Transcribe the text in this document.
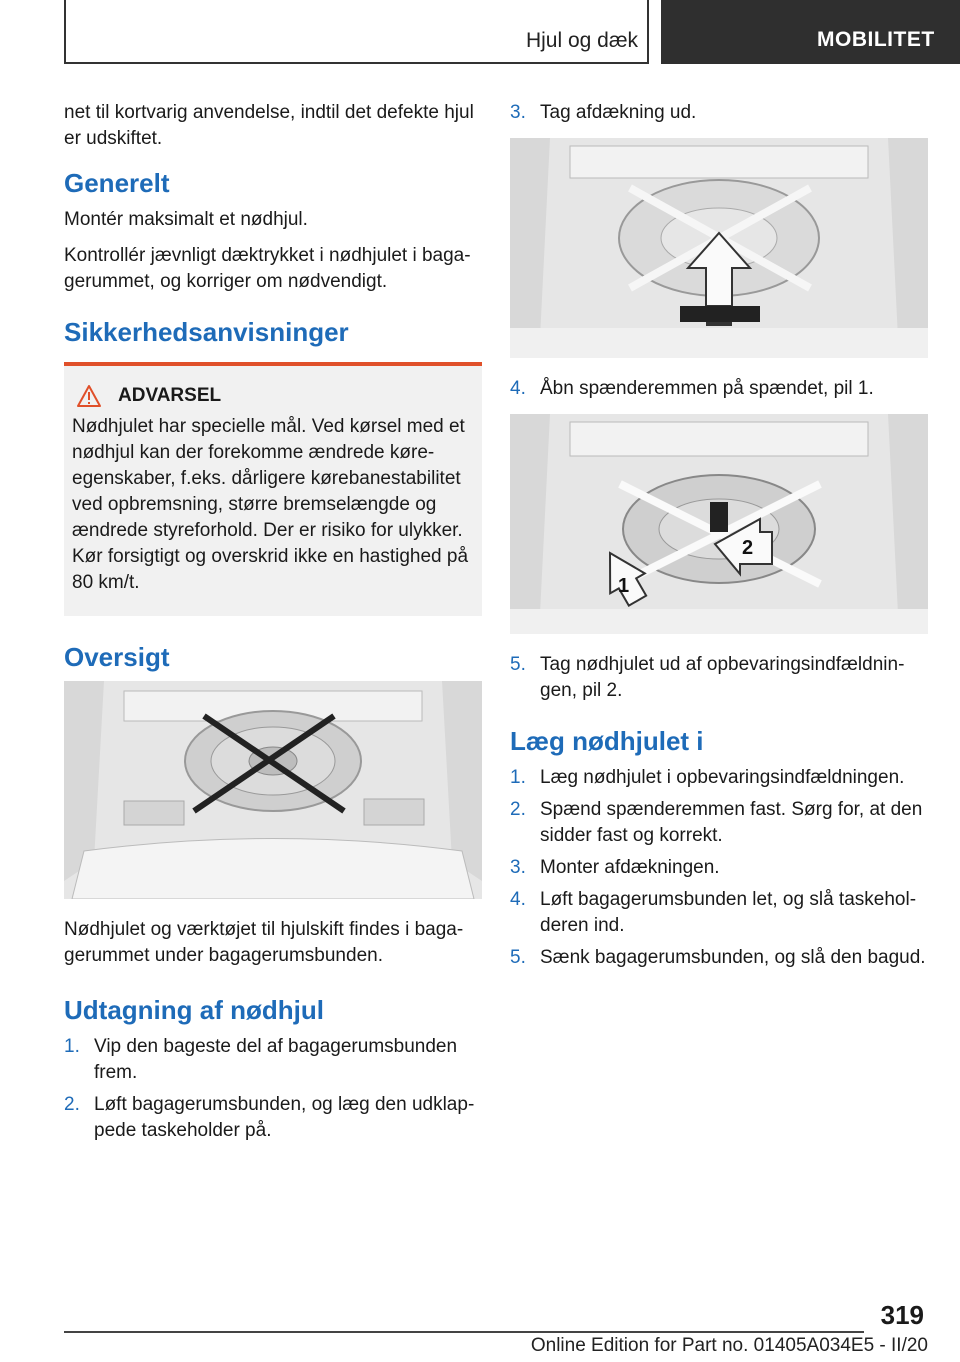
Hjul og dæk	MOBILITET

net til kortvarig anvendelse, indtil det defekte hjul er udskiftet.

Generelt

Montér maksimalt et nødhjul.

Kontrollér jævnligt dæktrykket i nødhjulet i bagagerummet, og korriger om nødvendigt.

Sikkerhedsanvisninger
ADVARSEL
Nødhjulet har specielle mål. Ved kørsel med et nødhjul kan der forekomme ændrede køreegenskaber, f.eks. dårligere kørebanestabilitet ved opbremsning, større bremselængde og ændrede styreforhold. Der er risiko for ulykker. Kør forsigtigt og overskrid ikke en hastighed på 80 km/t.
Oversigt

Nødhjulet og værktøjet til hjulskift findes i bagagerummet under bagagerumsbunden.

Udtagning af nødhjul
1. Vip den bageste del af bagagerumsbunden frem.
2. Løft bagagerumsbunden, og læg den udklappede taskeholder på.
3. Tag afdækning ud.
4. Åbn spænderemmen på spændet, pil 1.
2
1
5. Tag nødhjulet ud af opbevaringsindfældningen, pil 2.
Læg nødhjulet i
1. Læg nødhjulet i opbevaringsindfældningen.
2. Spænd spænderemmen fast. Sørg for, at den sidder fast og korrekt.
3. Monter afdækningen.
4. Løft bagagerumsbunden let, og slå taskeholderen ind.
5. Sænk bagagerumsbunden, og slå den bagud.
319
Online Edition for Part no. 01405A034E5 - II/20
